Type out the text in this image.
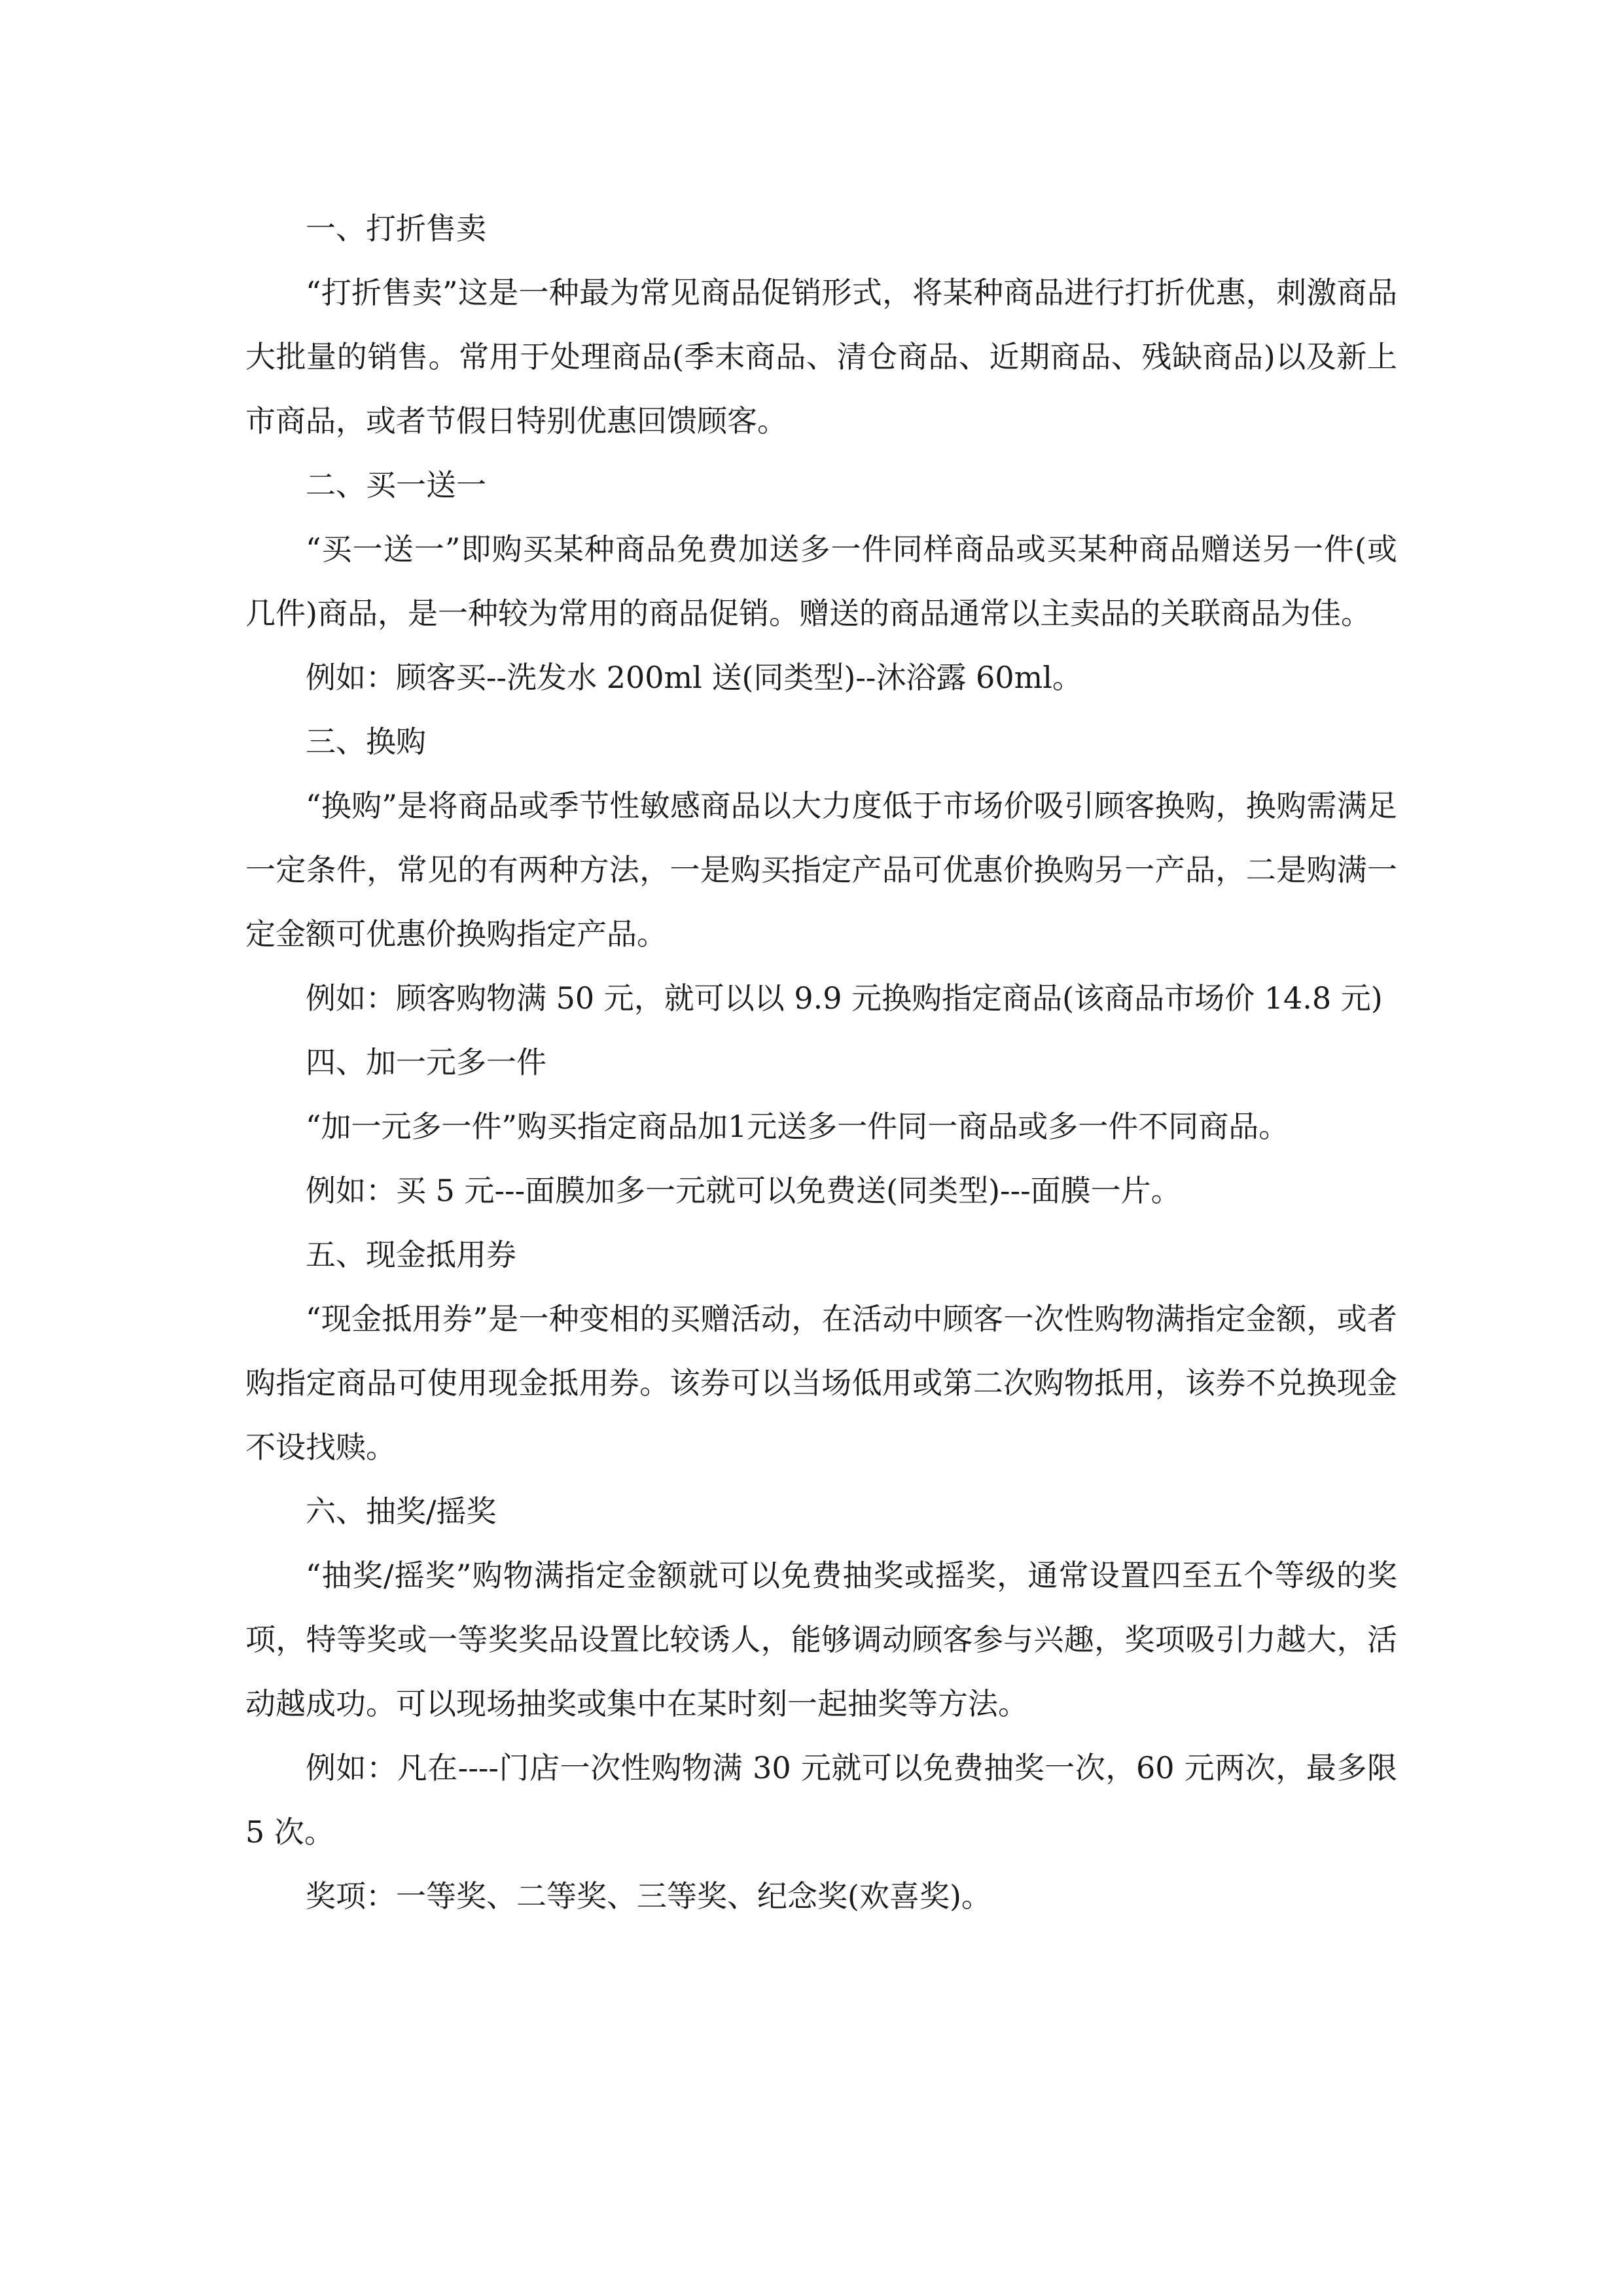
一、打折售卖

“打折售卖”这是一种最为常见商品促销形式，将某种商品进行打折优惠，刺激商品大批量的销售。常用于处理商品(季末商品、清仓商品、近期商品、残缺商品)以及新上市商品，或者节假日特别优惠回馈顾客。

二、买一送一

“买一送一”即购买某种商品免费加送多一件同样商品或买某种商品赠送另一件(或几件)商品，是一种较为常用的商品促销。赠送的商品通常以主卖品的关联商品为佳。

例如：顾客买--洗发水 200ml 送(同类型)--沐浴露 60ml。

三、换购

“换购”是将商品或季节性敏感商品以大力度低于市场价吸引顾客换购，换购需满足一定条件，常见的有两种方法，一是购买指定产品可优惠价换购另一产品，二是购满一定金额可优惠价换购指定产品。

例如：顾客购物满 50 元，就可以以 9.9 元换购指定商品(该商品市场价 14.8 元)

四、加一元多一件

“加一元多一件”购买指定商品加1元送多一件同一商品或多一件不同商品。

例如：买 5 元---面膜加多一元就可以免费送(同类型)---面膜一片。

五、现金抵用券

“现金抵用券”是一种变相的买赠活动，在活动中顾客一次性购物满指定金额，或者购指定商品可使用现金抵用券。该券可以当场低用或第二次购物抵用，该券不兑换现金不设找赎。

六、抽奖/摇奖

“抽奖/摇奖”购物满指定金额就可以免费抽奖或摇奖，通常设置四至五个等级的奖项，特等奖或一等奖奖品设置比较诱人，能够调动顾客参与兴趣，奖项吸引力越大，活动越成功。可以现场抽奖或集中在某时刻一起抽奖等方法。

例如：凡在----门店一次性购物满 30 元就可以免费抽奖一次，60 元两次，最多限 5 次。

奖项：一等奖、二等奖、三等奖、纪念奖(欢喜奖)。
